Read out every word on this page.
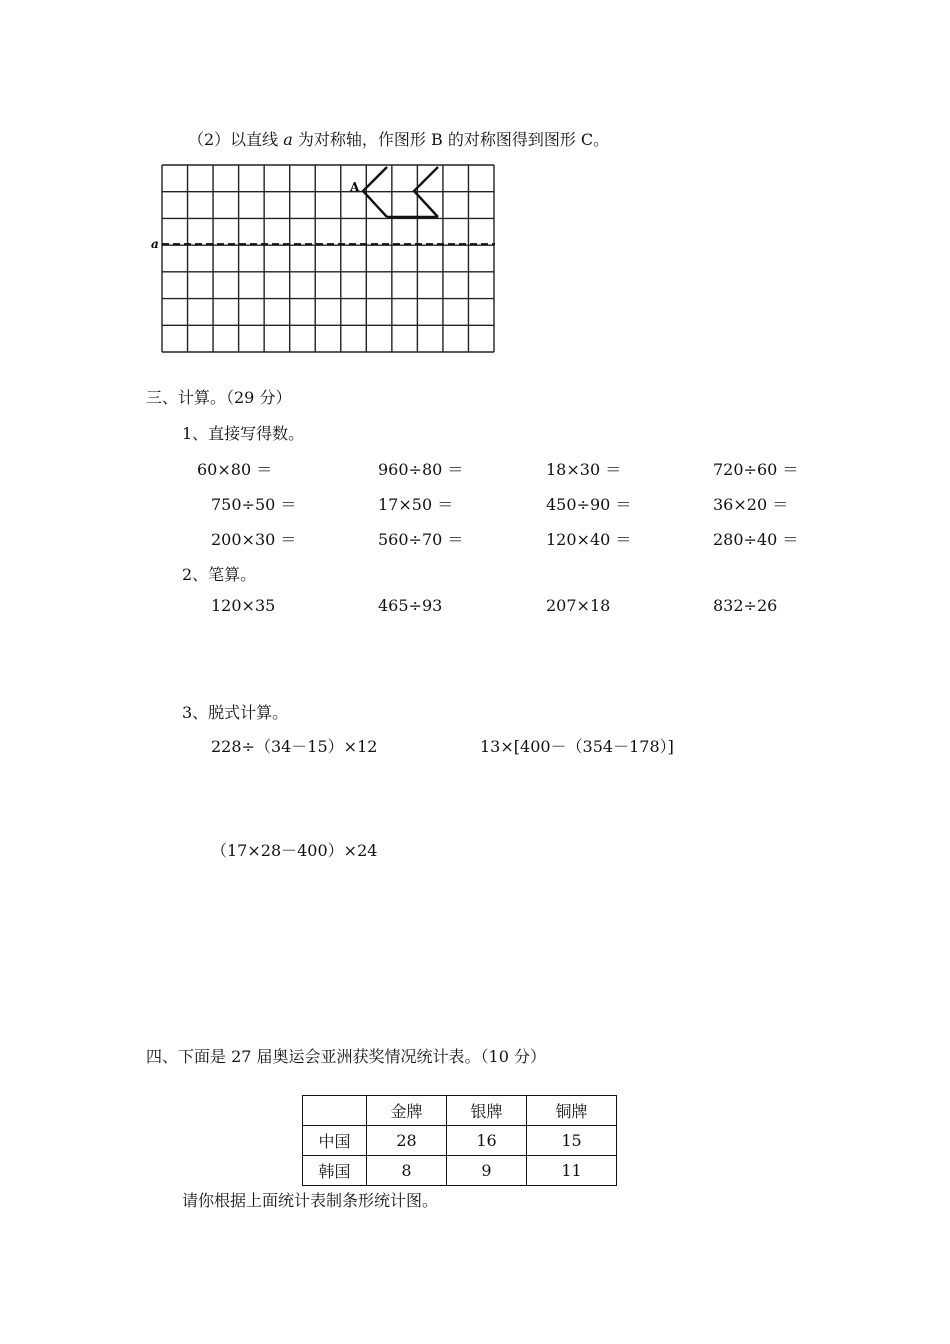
（2）以直线 a 为对称轴，作图形 B 的对称图得到图形 C。
a
A
三、计算。（29 分）
1、直接写得数。
60×80 ＝	960÷80 ＝	18×30 ＝	720÷60 ＝
750÷50 ＝	17×50 ＝	450÷90 ＝	36×20 ＝
200×30 ＝	560÷70 ＝	120×40 ＝	280÷40 ＝
2、笔算。
120×35	465÷93	207×18	832÷26
3、脱式计算。
228÷（34－15）×12	13×[400－（354－178）]
（17×28－400）×24
四、下面是 27 届奥运会亚洲获奖情况统计表。（10 分）
	金牌	银牌	铜牌
中国	28	16	15
韩国	8	9	11
请你根据上面统计表制条形统计图。
